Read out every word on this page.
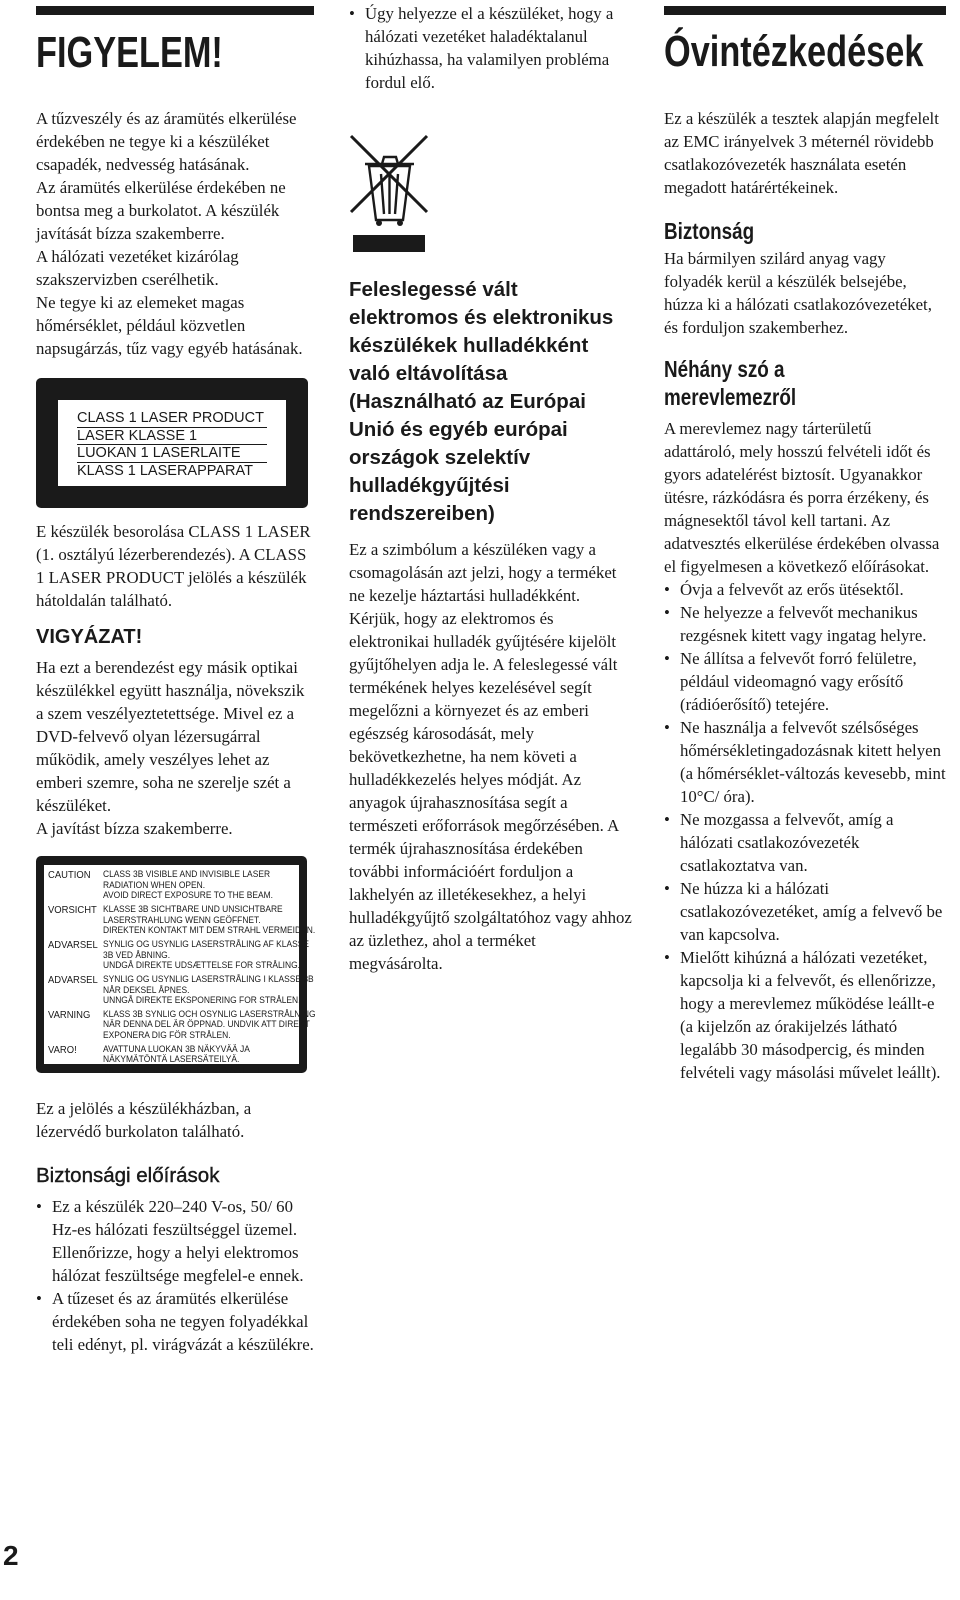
FIGYELEM!

A tűzveszély és az áramütés elkerülése érdekében ne tegye ki a készüléket csapadék, nedvesség hatásának.

Az áramütés elkerülése érdekében ne bontsa meg a burkolatot. A készülék javítását bízza szakemberre.

A hálózati vezetéket kizárólag szakszervizben cserélhetik.

Ne tegye ki az elemeket magas hőmérséklet, például közvetlen napsugárzás, tűz vagy egyéb hatásának.

CLASS 1 LASER PRODUCT
LASER KLASSE 1
LUOKAN 1 LASERLAITE
KLASS 1 LASERAPPARAT

E készülék besorolása CLASS 1 LASER (1. osztályú lézerberendezés). A CLASS 1 LASER PRODUCT jelölés a készülék hátoldalán található.

VIGYÁZAT!

Ha ezt a berendezést egy másik optikai készülékkel együtt használja, növekszik a szem veszélyeztetettsége. Mivel ez a DVD-felvevő olyan lézersugárral működik, amely veszélyes lehet az emberi szemre, soha ne szerelje szét a készüléket.

A javítást bízza szakemberre.

CAUTION	CLASS 3B VISIBLE AND INVISIBLE LASER
RADIATION WHEN OPEN.
AVOID DIRECT EXPOSURE TO THE BEAM.
VORSICHT KLASSE 3B SICHTBARE UND UNSICHTBARE
LASERSTRAHLUNG WENN GEÖFFNET.
DIREKTEN KONTAKT MIT DEM STRAHL VERMEIDEN.
ADVARSEL SYNLIG OG USYNLIG LASERSTRÅLING AF KLASSE
3B VED ÅBNING.
UNDGÅ DIREKTE UDSÆTTELSE FOR STRÅLING.
ADVARSEL SYNLIG OG USYNLIG LASERSTRÅLING I KLASSE 3B
NÅR DEKSEL ÅPNES.
UNNGÅ DIREKTE EKSPONERING FOR STRÅLEN.
VARNING	KLASS 3B SYNLIG OCH OSYNLIG LASERSTRÅLNING
NÄR DENNA DEL ÄR ÖPPNAD. UNDVIK ATT DIREKT
EXPONERA DIG FÖR STRÅLEN.
VARO!	AVATTUNA LUOKAN 3B NÄKYVÄÄ JA
NÄKYMÄTÖNTÄ LASERSÄTEILYÄ.
VÄLTÄ SUORAA ALTISTUMISTA SÄTEELLE.

Ez a jelölés a készülékházban, a lézervédő burkolaton található.

Biztonsági előírások
• Ez a készülék 220–240 V-os, 50/ 60 Hz-es hálózati feszültséggel üzemel. Ellenőrizze, hogy a helyi elektromos hálózat feszültsége megfelel-e ennek.
• A tűzeset és az áramütés elkerülése érdekében soha ne tegyen folyadékkal teli edényt, pl. virágvázát a készülékre.
• Úgy helyezze el a készüléket, hogy a hálózati vezetéket haladéktalanul kihúzhassa, ha valamilyen probléma fordul elő.
Feleslegessé vált elektromos és elektronikus készülékek hulladékként való eltávolítása (Használható az Európai Unió és egyéb európai országok szelektív hulladékgyűjtési rendszereiben)

Ez a szimbólum a készüléken vagy a csomagolásán azt jelzi, hogy a terméket ne kezelje háztartási hulladékként. Kérjük, hogy az elektromos és elektronikai hulladék gyűjtésére kijelölt gyűjtőhelyen adja le. A feleslegessé vált termékének helyes kezelésével segít megelőzni a környezet és az emberi egészség károsodását, mely bekövetkezhetne, ha nem követi a hulladékkezelés helyes módját. Az anyagok újrahasznosítása segít a természeti erőforrások megőrzésében. A termék újrahasznosítása érdekében további információért forduljon a lakhelyén az illetékesekhez, a helyi hulladékgyűjtő szolgáltatóhoz vagy ahhoz az üzlethez, ahol a terméket megvásárolta.

Óvintézkedések

Ez a készülék a tesztek alapján megfelelt az EMC irányelvek 3 méternél rövidebb csatlakozóvezeték használata esetén megadott határértékeinek.

Biztonság

Ha bármilyen szilárd anyag vagy folyadék kerül a készülék belsejébe, húzza ki a hálózati csatlakozóvezetéket, és forduljon szakemberhez.

Néhány szó a
merevlemezről

A merevlemez nagy tárterületű adattároló, mely hosszú felvételi időt és gyors adatelérést biztosít. Ugyanakkor ütésre, rázkódásra és porra érzékeny, és mágnesektől távol kell tartani. Az adatvesztés elkerülése érdekében olvassa el figyelmesen a következő előírásokat.

• Óvja a felvevőt az erős ütésektől.
• Ne helyezze a felvevőt mechanikus rezgésnek kitett vagy ingatag helyre.
• Ne állítsa a felvevőt forró felületre, például videomagnó vagy erősítő (rádióerősítő) tetejére.
• Ne használja a felvevőt szélsőséges hőmérsékletingadozásnak kitett helyen (a hőmérséklet-változás kevesebb, mint 10°C/ óra).
• Ne mozgassa a felvevőt, amíg a hálózati csatlakozóvezeték csatlakoztatva van.
• Ne húzza ki a hálózati csatlakozóvezetéket, amíg a felvevő be van kapcsolva.
• Mielőtt kihúzná a hálózati vezetéket, kapcsolja ki a felvevőt, és ellenőrizze, hogy a merevlemez működése leállt-e (a kijelzőn az órakijelzés látható legalább 30 másodpercig, és minden felvételi vagy másolási művelet leállt).
2
